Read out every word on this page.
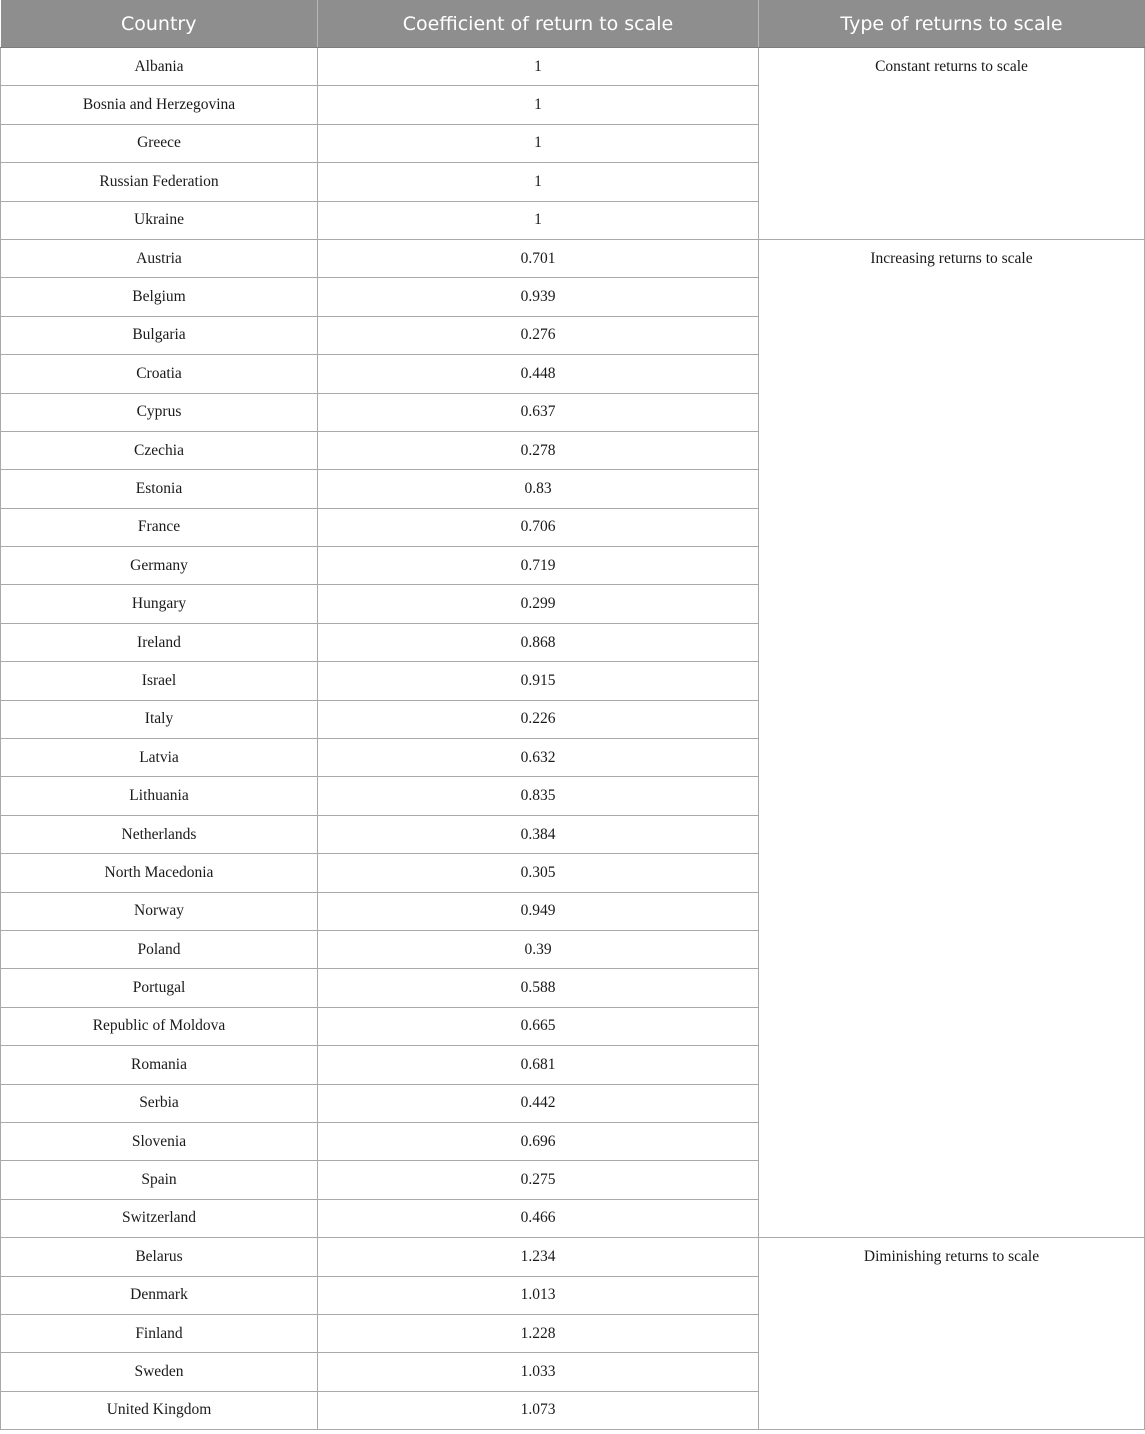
Country	Coefficient of return to scale	Type of returns to scale
Albania	1	Constant returns to scale
Bosnia and Herzegovina	1	
Greece	1	
Russian Federation	1	
Ukraine	1	
Austria	0.701	Increasing returns to scale
Belgium	0.939	
Bulgaria	0.276	
Croatia	0.448	
Cyprus	0.637	
Czechia	0.278	
Estonia	0.83	
France	0.706	
Germany	0.719	
Hungary	0.299	
Ireland	0.868	
Israel	0.915	
Italy	0.226	
Latvia	0.632	
Lithuania	0.835	
Netherlands	0.384	
North Macedonia	0.305	
Norway	0.949	
Poland	0.39	
Portugal	0.588	
Republic of Moldova	0.665	
Romania	0.681	
Serbia	0.442	
Slovenia	0.696	
Spain	0.275	
Switzerland	0.466	
Belarus	1.234	Diminishing returns to scale
Denmark	1.013	
Finland	1.228	
Sweden	1.033	
United Kingdom	1.073	
